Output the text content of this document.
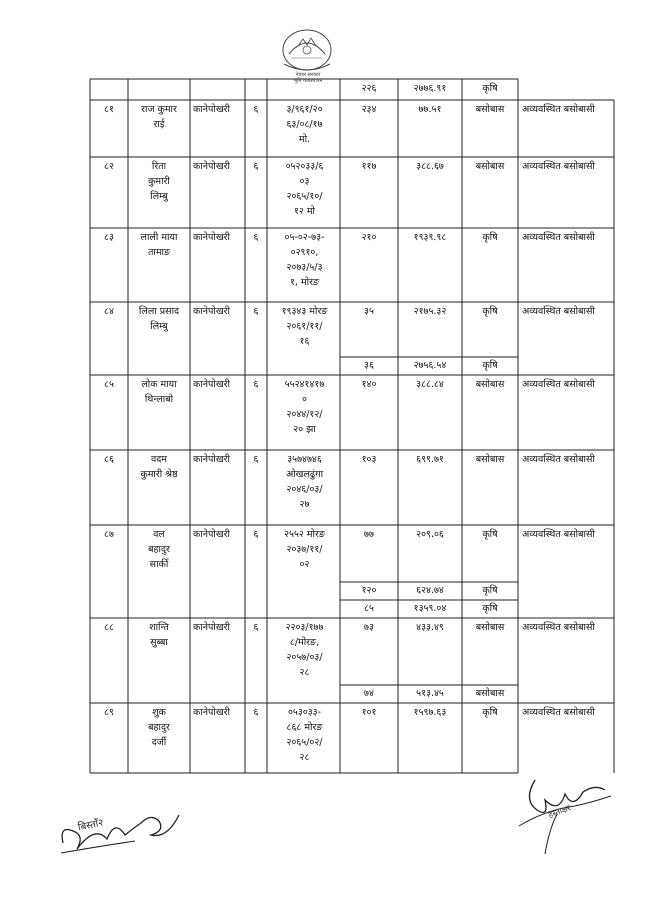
नेपाल सरकार
भूमि व्यवस्थापन
२२६	२७७६.९१	कृषि
८१	राज कुमार
राई
कानेपोखरी	६	३/९६१/२०
६३/०८/१७
मो.
२३४	७७.५१	बसोबास	अव्यवस्थित बसोबासी
८२	रिता
कुमारी
लिम्बु
कानेपोखरी	६	०५२०३३/६
०३
२०६५/१०/
१२ मो
११७	३८८.६७	बसोबास	अव्यवस्थित बसोबासी
८३	लाली माया
तामाङ
कानेपोखरी	६	०५-०२-७३-
०२९१०,
२०७३/५/३
१, मोरङ
२१०	१९३९.९८	कृषि	अव्यवस्थित बसोबासी
८४	लिला प्रसाद
लिम्बु
कानेपोखरी	६	१९३४३ मोरङ
२०६१/११/
१६
३५	२१७५.३२	कृषि
३६	२७५६.५४	कृषि
अव्यवस्थित बसोबासी
८५	लोक माया
थिन्लाबो
कानेपोखरी	६	५५२४१४१७
०
२०४४/१२/
२० झा
१४०	३८८.८४	बसोबास	अव्यवस्थित बसोबासी
८६	वदम
कुमारी श्रेष्ठ
कानेपोखरी	६	३५७४७४६
ओखलढुंगा
२०४६/०३/
२७
१०३	६९९.७१	बसोबास	अव्यवस्थित बसोबासी
८७	वल
बहादुर
सार्की
कानेपोखरी	६	२५५२ मोरङ
२०३७/११/
०२
७७	२०९.०६	कृषि
१२०	६२४.७४	कृषि
८५	१३५९.०४	कृषि
अव्यवस्थित बसोबासी
८८	शान्ति
सुब्बा
कानेपोखरी	६	२२०३/१७७
८/मोरङ,
२०५७/०३/
२८
७३	४३३.४९	बसोबास
७४	५१३.४५	बसोबास
अव्यवस्थित बसोबासी
८९	शुक
बहादुर
दर्जी
कानेपोखरी	६	०५३०३३-
८६८ मोरङ
२०६५/०२/
२८
१०१	१५९७.६३	कृषि	अव्यवस्थित बसोबासी
बिस्ताँ२
हस्ताक्षर
